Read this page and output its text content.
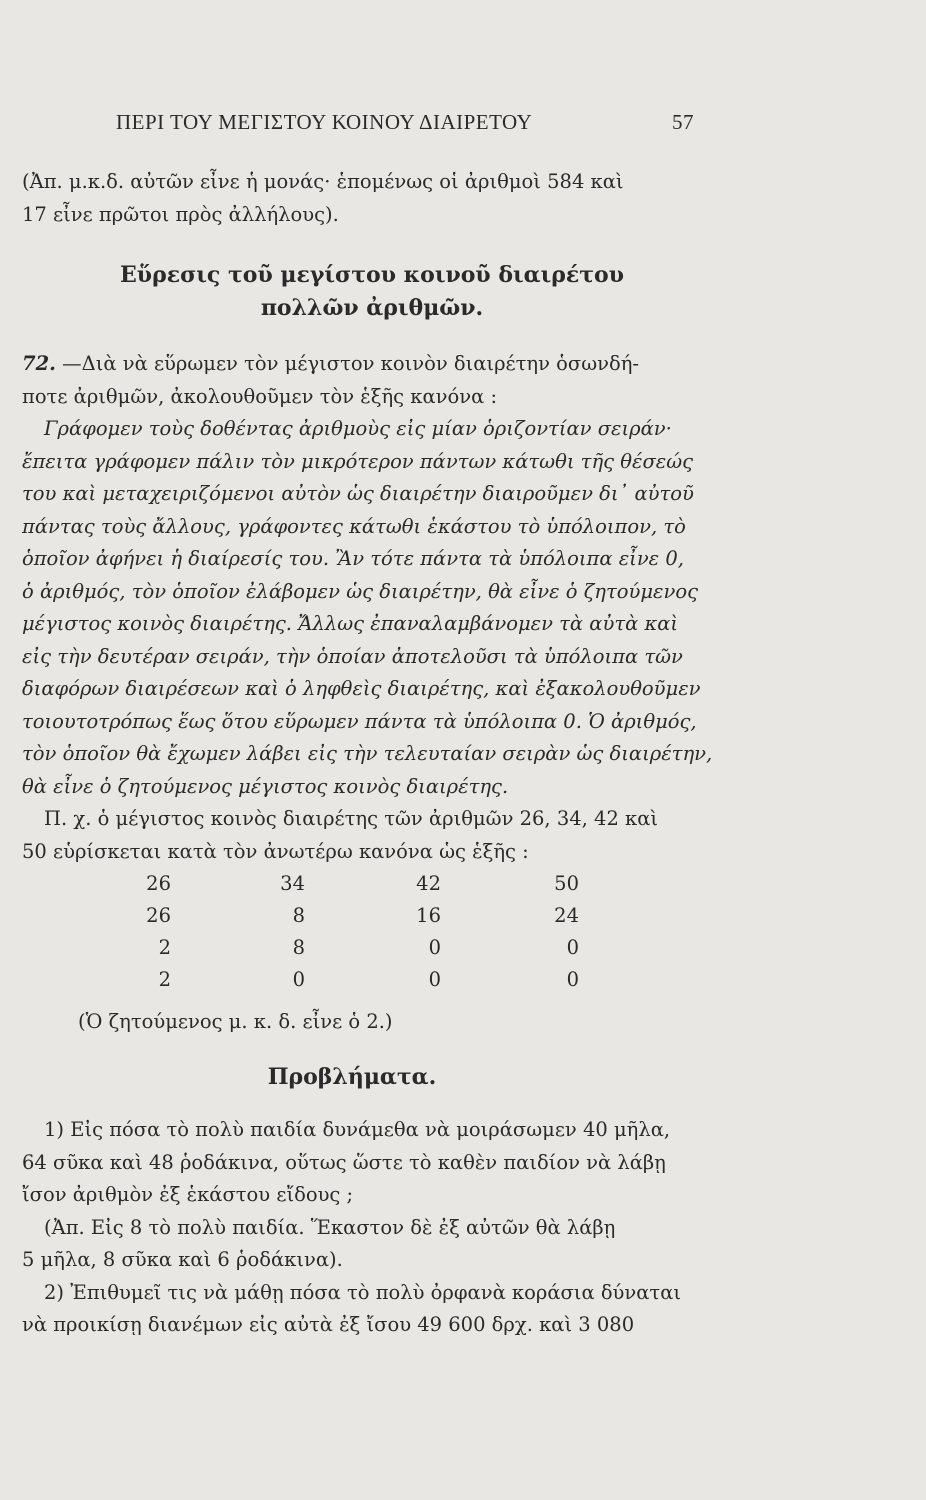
ΠΕΡΙ ΤΟΥ ΜΕΓΙΣΤΟΥ ΚΟΙΝΟΥ ΔΙΑΙΡΕΤΟΥ	57
(Ἀπ. μ.κ.δ. αὐτῶν εἶνε ἡ μονάς· ἑπομένως οἱ ἀριθμοὶ 584 καὶ
17 εἶνε πρῶτοι πρὸς ἀλλήλους).
Εὕρεσις τοῦ μεγίστου κοινοῦ διαιρέτου
πολλῶν ἀριθμῶν.
72. —Διὰ νὰ εὕρωμεν τὸν μέγιστον κοινὸν διαιρέτην ὁσωνδή-
ποτε ἀριθμῶν, ἀκολουθοῦμεν τὸν ἑξῆς κανόνα :
Γράφομεν τοὺς δοθέντας ἀριθμοὺς εἰς μίαν ὁριζοντίαν σειράν·
ἔπειτα γράφομεν πάλιν τὸν μικρότερον πάντων κάτωθι τῆς θέσεώς
του καὶ μεταχειριζόμενοι αὐτὸν ὡς διαιρέτην διαιροῦμεν δι᾿ αὐτοῦ
πάντας τοὺς ἄλλους, γράφοντες κάτωθι ἑκάστου τὸ ὑπόλοιπον, τὸ
ὁποῖον ἀφήνει ἡ διαίρεσίς του. Ἂν τότε πάντα τὰ ὑπόλοιπα εἶνε 0,
ὁ ἀριθμός, τὸν ὁποῖον ἐλάβομεν ὡς διαιρέτην, θὰ εἶνε ὁ ζητούμενος
μέγιστος κοινὸς διαιρέτης. Ἄλλως ἐπαναλαμβάνομεν τὰ αὐτὰ καὶ
εἰς τὴν δευτέραν σειράν, τὴν ὁποίαν ἀποτελοῦσι τὰ ὑπόλοιπα τῶν
διαφόρων διαιρέσεων καὶ ὁ ληφθεὶς διαιρέτης, καὶ ἐξακολουθοῦμεν
τοιουτοτρόπως ἕως ὅτου εὕρωμεν πάντα τὰ ὑπόλοιπα 0. Ὁ ἀριθμός,
τὸν ὁποῖον θὰ ἔχωμεν λάβει εἰς τὴν τελευταίαν σειρὰν ὡς διαιρέτην,
θὰ εἶνε ὁ ζητούμενος μέγιστος κοινὸς διαιρέτης.
Π. χ. ὁ μέγιστος κοινὸς διαιρέτης τῶν ἀριθμῶν 26, 34, 42 καὶ
50 εὑρίσκεται κατὰ τὸν ἀνωτέρω κανόνα ὡς ἑξῆς :
26	34	42	50
26	8	16	24
2	8	0	0
2	0	0	0
(Ὁ ζητούμενος μ. κ. δ. εἶνε ὁ 2.)
Προβλήματα.
1) Εἰς πόσα τὸ πολὺ παιδία δυνάμεθα νὰ μοιράσωμεν 40 μῆλα,
64 σῦκα καὶ 48 ῥοδάκινα, οὕτως ὥστε τὸ καθὲν παιδίον νὰ λάβῃ
ἴσον ἀριθμὸν ἐξ ἑκάστου εἴδους ;
(Ἀπ. Εἰς 8 τὸ πολὺ παιδία. Ἕκαστον δὲ ἐξ αὐτῶν θὰ λάβῃ
5 μῆλα, 8 σῦκα καὶ 6 ῥοδάκινα).
2) Ἐπιθυμεῖ τις νὰ μάθῃ πόσα τὸ πολὺ ὀρφανὰ κοράσια δύναται
νὰ προικίσῃ διανέμων εἰς αὐτὰ ἐξ ἴσου 49 600 δρχ. καὶ 3 080
